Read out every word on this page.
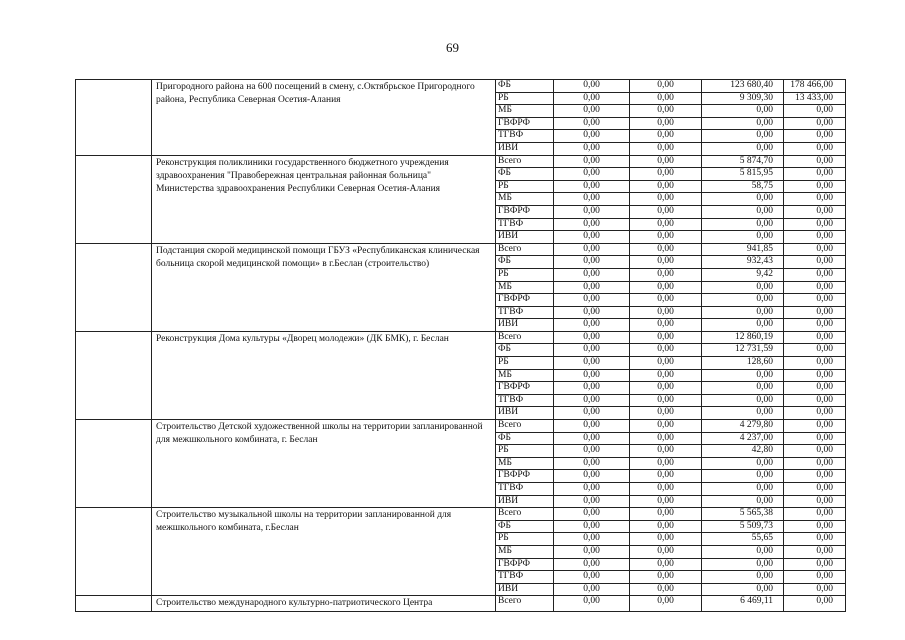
69
	Пригородного района на 600 посещений в смену, с.Октябрьское Пригородного района, Республика Северная Осетия-Алания	ФБ	0,00	0,00	123 680,40	178 466,00
		РБ	0,00	0,00	9 309,30	13 433,00
		МБ	0,00	0,00	0,00	0,00
		ГВФРФ	0,00	0,00	0,00	0,00
		ТГВФ	0,00	0,00	0,00	0,00
		ИВИ	0,00	0,00	0,00	0,00
	Реконструкция поликлиники государственного бюджетного учреждения здравоохранения "Правобережная центральная районная больница" Министерства здравоохранения Республики Северная Осетия-Алания	Всего	0,00	0,00	5 874,70	0,00
		ФБ	0,00	0,00	5 815,95	0,00
		РБ	0,00	0,00	58,75	0,00
		МБ	0,00	0,00	0,00	0,00
		ГВФРФ	0,00	0,00	0,00	0,00
		ТГВФ	0,00	0,00	0,00	0,00
		ИВИ	0,00	0,00	0,00	0,00
	Подстанция скорой медицинской помощи ГБУЗ «Республиканская клиническая больница скорой медицинской помощи» в г.Беслан (строительство)	Всего	0,00	0,00	941,85	0,00
		ФБ	0,00	0,00	932,43	0,00
		РБ	0,00	0,00	9,42	0,00
		МБ	0,00	0,00	0,00	0,00
		ГВФРФ	0,00	0,00	0,00	0,00
		ТГВФ	0,00	0,00	0,00	0,00
		ИВИ	0,00	0,00	0,00	0,00
	Реконструкция Дома культуры «Дворец молодежи» (ДК БМК), г. Беслан	Всего	0,00	0,00	12 860,19	0,00
		ФБ	0,00	0,00	12 731,59	0,00
		РБ	0,00	0,00	128,60	0,00
		МБ	0,00	0,00	0,00	0,00
		ГВФРФ	0,00	0,00	0,00	0,00
		ТГВФ	0,00	0,00	0,00	0,00
		ИВИ	0,00	0,00	0,00	0,00
	Строительство Детской художественной школы на территории запланированной для межшкольного комбината, г. Беслан	Всего	0,00	0,00	4 279,80	0,00
		ФБ	0,00	0,00	4 237,00	0,00
		РБ	0,00	0,00	42,80	0,00
		МБ	0,00	0,00	0,00	0,00
		ГВФРФ	0,00	0,00	0,00	0,00
		ТГВФ	0,00	0,00	0,00	0,00
		ИВИ	0,00	0,00	0,00	0,00
	Строительство музыкальной школы на территории запланированной для межшкольного комбината, г.Беслан	Всего	0,00	0,00	5 565,38	0,00
		ФБ	0,00	0,00	5 509,73	0,00
		РБ	0,00	0,00	55,65	0,00
		МБ	0,00	0,00	0,00	0,00
		ГВФРФ	0,00	0,00	0,00	0,00
		ТГВФ	0,00	0,00	0,00	0,00
		ИВИ	0,00	0,00	0,00	0,00
	Строительство международного культурно-патриотического Центра	Всего	0,00	0,00	6 469,11	0,00
